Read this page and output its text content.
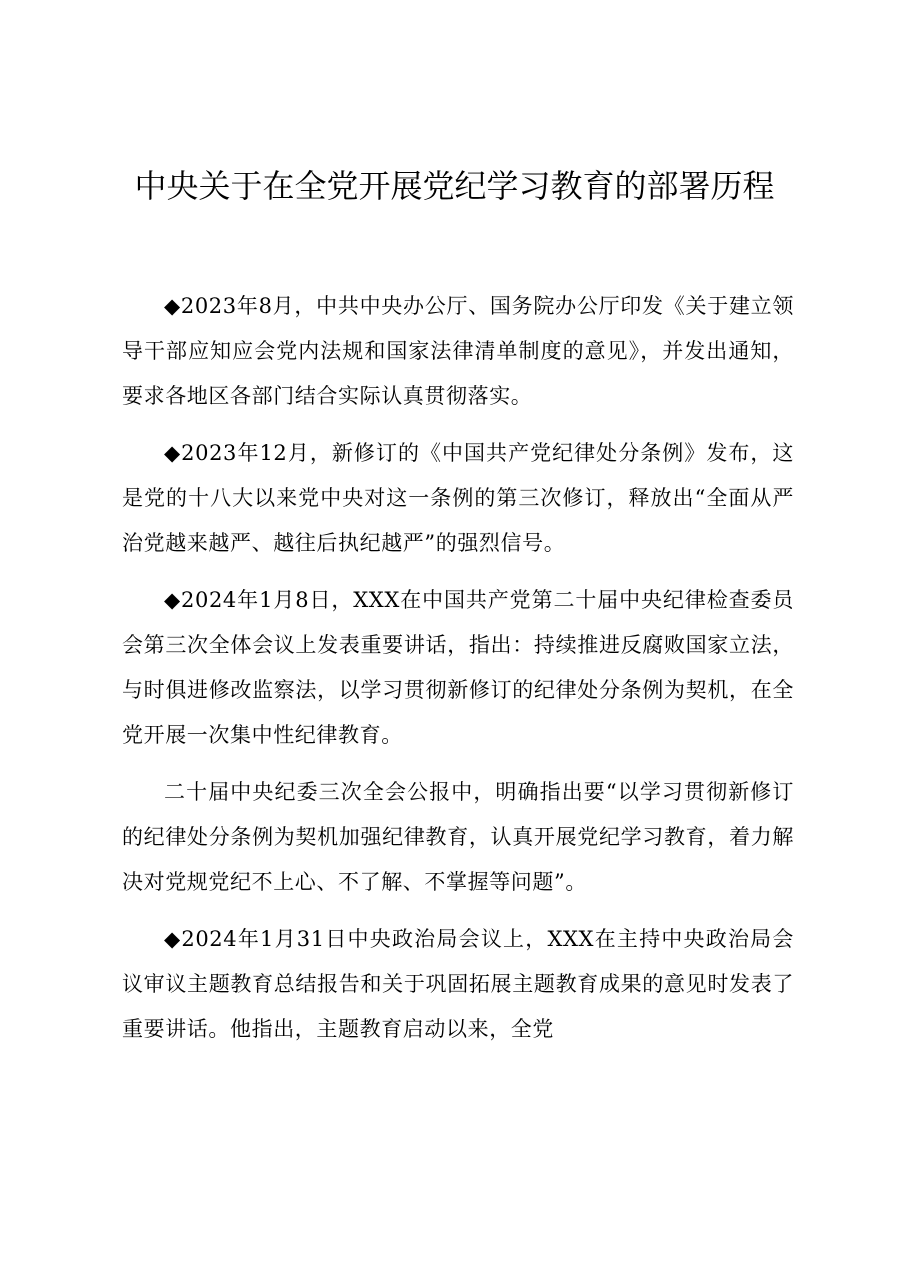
中央关于在全党开展党纪学习教育的部署历程

◆2023年8月，中共中央办公厅、国务院办公厅印发《关于建立领导干部应知应会党内法规和国家法律清单制度的意见》，并发出通知，要求各地区各部门结合实际认真贯彻落实。

◆2023年12月，新修订的《中国共产党纪律处分条例》发布，这是党的十八大以来党中央对这一条例的第三次修订，释放出“全面从严治党越来越严、越往后执纪越严”的强烈信号。

◆2024年1月8日，XXX在中国共产党第二十届中央纪律检查委员会第三次全体会议上发表重要讲话，指出：持续推进反腐败国家立法，与时俱进修改监察法，以学习贯彻新修订的纪律处分条例为契机，在全党开展一次集中性纪律教育。

二十届中央纪委三次全会公报中，明确指出要“以学习贯彻新修订的纪律处分条例为契机加强纪律教育，认真开展党纪学习教育，着力解决对党规党纪不上心、不了解、不掌握等问题”。

◆2024年1月31日中央政治局会议上，XXX在主持中央政治局会议审议主题教育总结报告和关于巩固拓展主题教育成果的意见时发表了重要讲话。他指出，主题教育启动以来，全党
